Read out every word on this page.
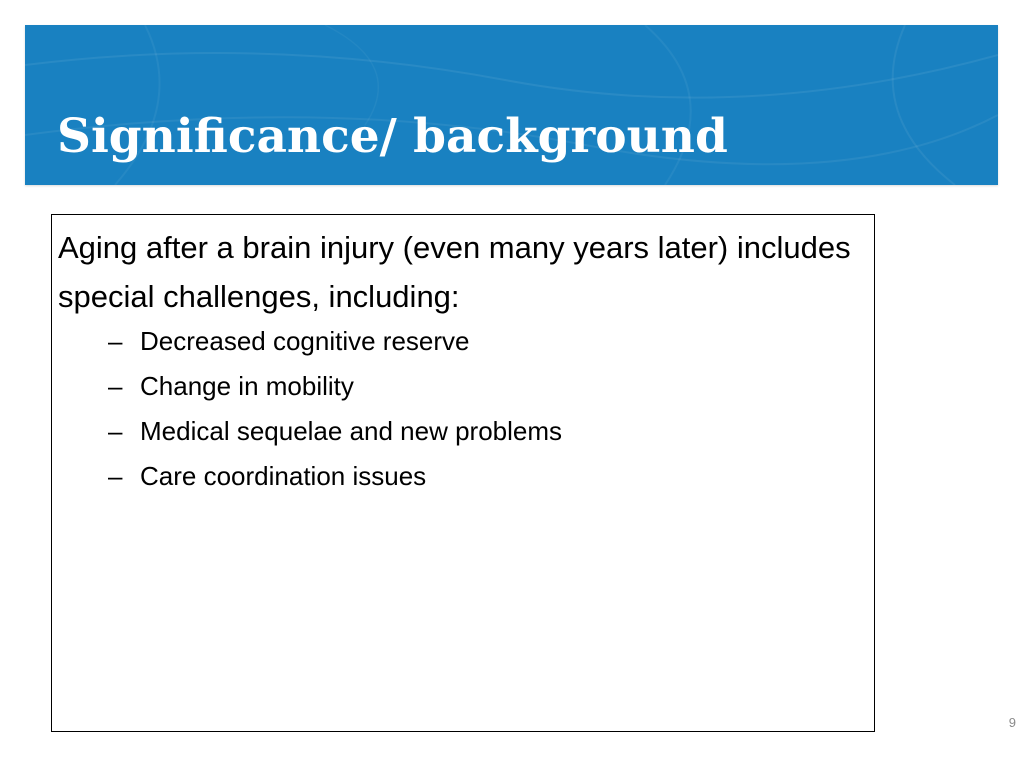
Significance/ background

Aging after a brain injury (even many years later) includes special challenges, including:

– Decreased cognitive reserve
– Change in mobility
– Medical sequelae and new problems
– Care coordination issues
9
